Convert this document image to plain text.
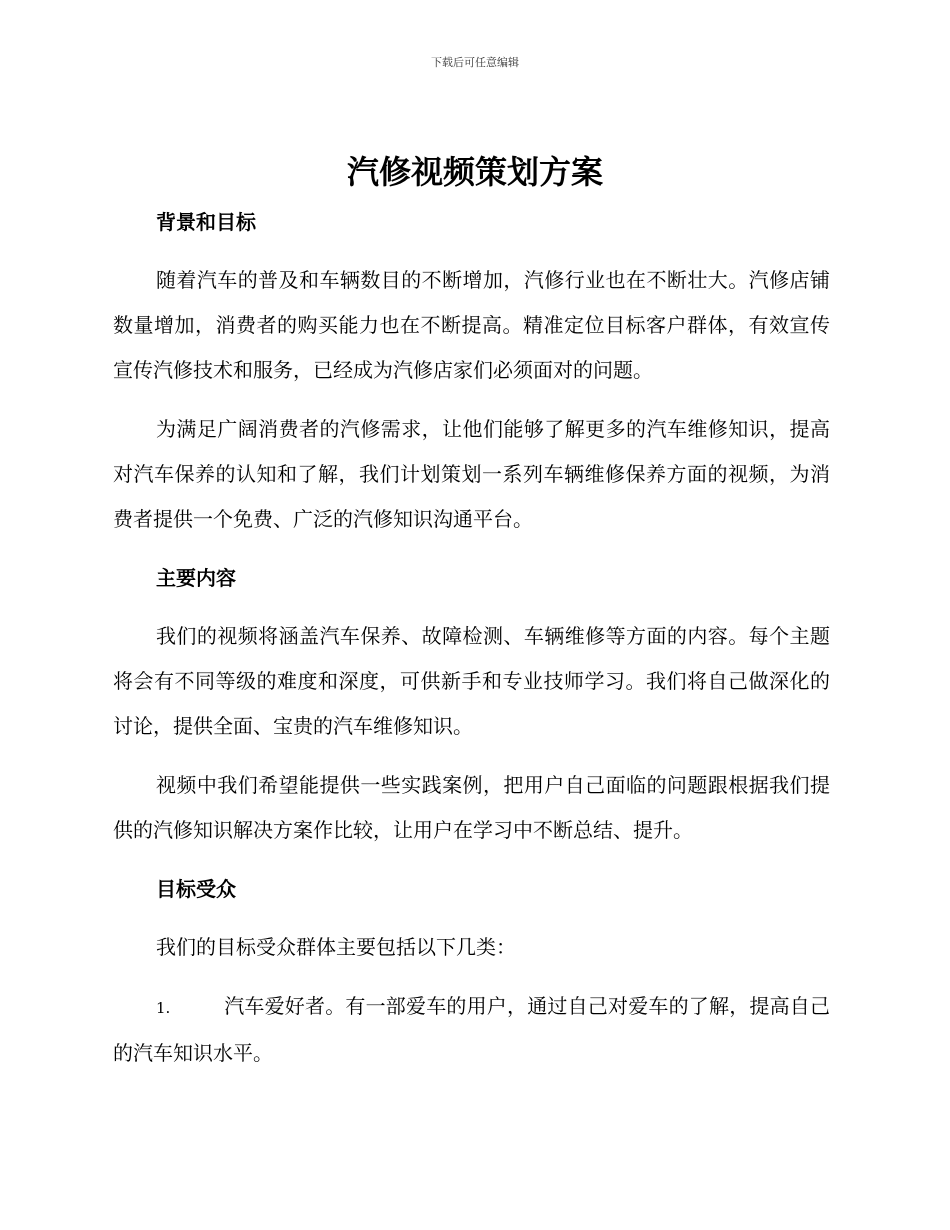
下载后可任意编辑
汽修视频策划方案
背景和目标

随着汽车的普及和车辆数目的不断增加，汽修行业也在不断壮大。汽修店铺数量增加，消费者的购买能力也在不断提高。精准定位目标客户群体，有效宣传宣传汽修技术和服务，已经成为汽修店家们必须面对的问题。

为满足广阔消费者的汽修需求，让他们能够了解更多的汽车维修知识，提高对汽车保养的认知和了解，我们计划策划一系列车辆维修保养方面的视频，为消费者提供一个免费、广泛的汽修知识沟通平台。

主要内容

我们的视频将涵盖汽车保养、故障检测、车辆维修等方面的内容。每个主题将会有不同等级的难度和深度，可供新手和专业技师学习。我们将自己做深化的讨论，提供全面、宝贵的汽车维修知识。

视频中我们希望能提供一些实践案例，把用户自己面临的问题跟根据我们提供的汽修知识解决方案作比较，让用户在学习中不断总结、提升。

目标受众

我们的目标受众群体主要包括以下几类：

1.	汽车爱好者。有一部爱车的用户，通过自己对爱车的了解，提高自己的汽车知识水平。
